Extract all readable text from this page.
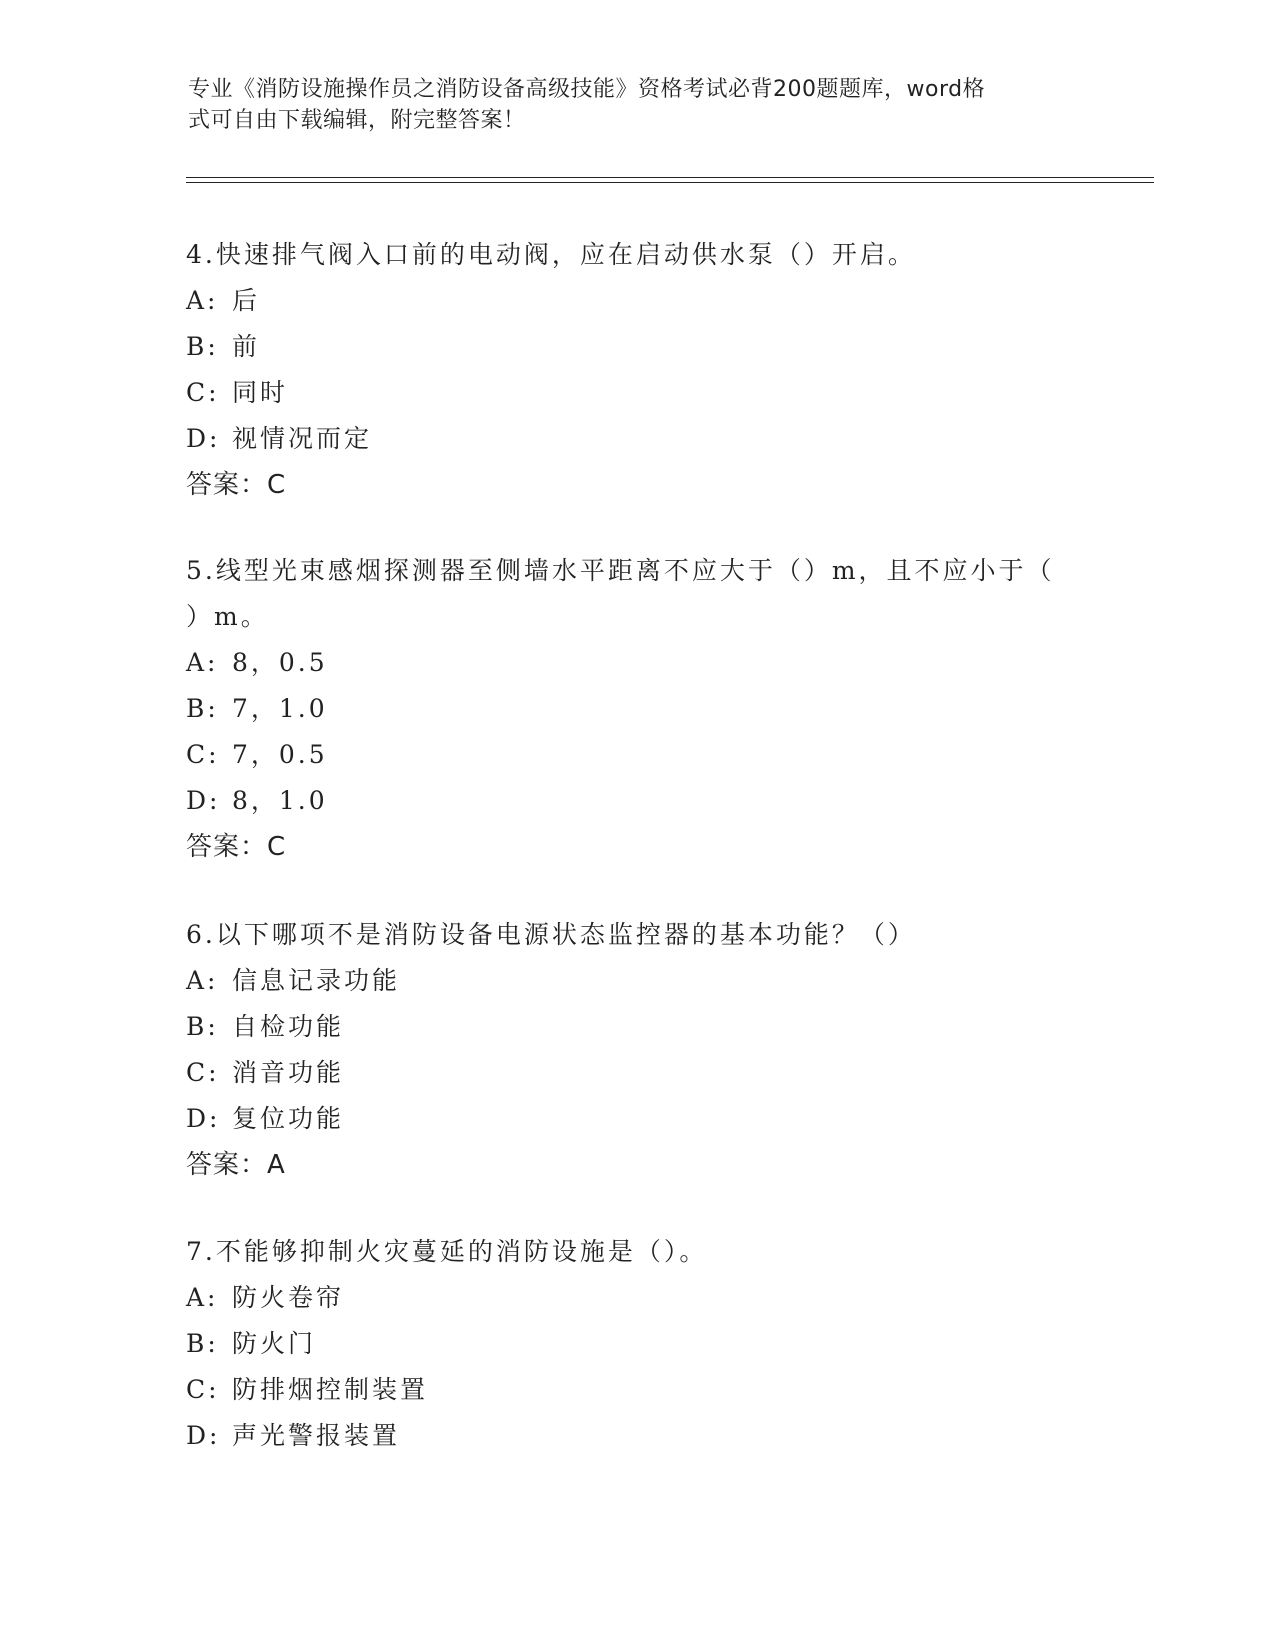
专业《消防设施操作员之消防设备高级技能》资格考试必背200题题库，word格
式可自由下载编辑，附完整答案！
4.快速排气阀入口前的电动阀，应在启动供水泵（）开启。
A: 后
B: 前
C: 同时
D: 视情况而定
答案：C
5.线型光束感烟探测器至侧墙水平距离不应大于（）m，且不应小于（
）m。
A: 8，0.5
B: 7，1.0
C: 7，0.5
D: 8，1.0
答案：C
6.以下哪项不是消防设备电源状态监控器的基本功能？（）
A: 信息记录功能
B: 自检功能
C: 消音功能
D: 复位功能
答案：A
7.不能够抑制火灾蔓延的消防设施是（）。
A: 防火卷帘
B: 防火门
C: 防排烟控制装置
D: 声光警报装置
